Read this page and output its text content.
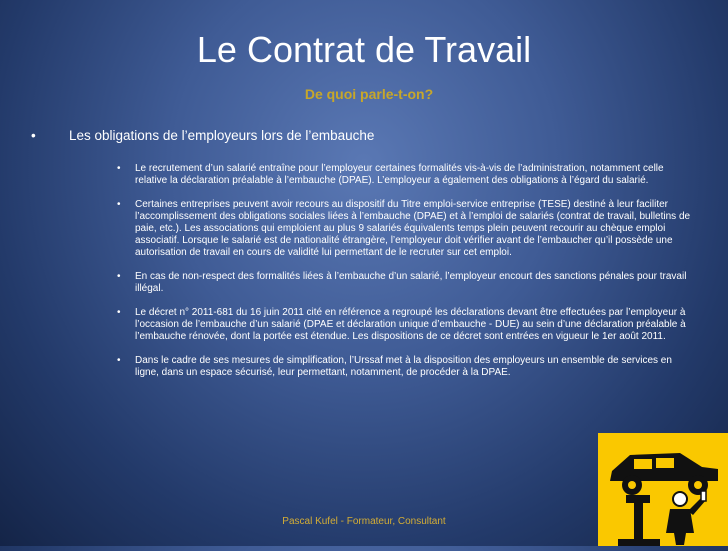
Le Contrat de Travail
De quoi parle-t-on?
• Les obligations de l’employeurs lors de l’embauche
• Le recrutement d’un salarié entraîne pour l’employeur certaines formalités vis-à-vis de l’administration, notamment celle relative la déclaration préalable à l’embauche (DPAE). L’employeur a également des obligations à l’égard du salarié.
• Certaines entreprises peuvent avoir recours au dispositif du Titre emploi-service entreprise (TESE) destiné à leur faciliter l’accomplissement des obligations sociales liées à l’embauche (DPAE) et à l’emploi de salariés (contrat de travail, bulletins de paie, etc.). Les associations qui emploient au plus 9 salariés équivalents temps plein peuvent recourir au chèque emploi associatif. Lorsque le salarié est de nationalité étrangère, l’employeur doit vérifier avant de l’embaucher qu’il possède une autorisation de travail en cours de validité lui permettant de le recruter sur cet emploi.
• En cas de non-respect des formalités liées à l’embauche d’un salarié, l’employeur encourt des sanctions pénales pour travail illégal.
• Le décret n° 2011-681 du 16 juin 2011 cité en référence a regroupé les déclarations devant être effectuées par l’employeur à l’occasion de l’embauche d’un salarié (DPAE et déclaration unique d’embauche - DUE) au sein d’une déclaration préalable à l’embauche rénovée, dont la portée est étendue. Les dispositions de ce décret sont entrées en vigueur le 1er août 2011.
• Dans le cadre de ses mesures de simplification, l’Urssaf met à la disposition des employeurs un ensemble de services en ligne, dans un espace sécurisé, leur permettant, notamment, de procéder à la DPAE.
Pascal Kufel - Formateur, Consultant
